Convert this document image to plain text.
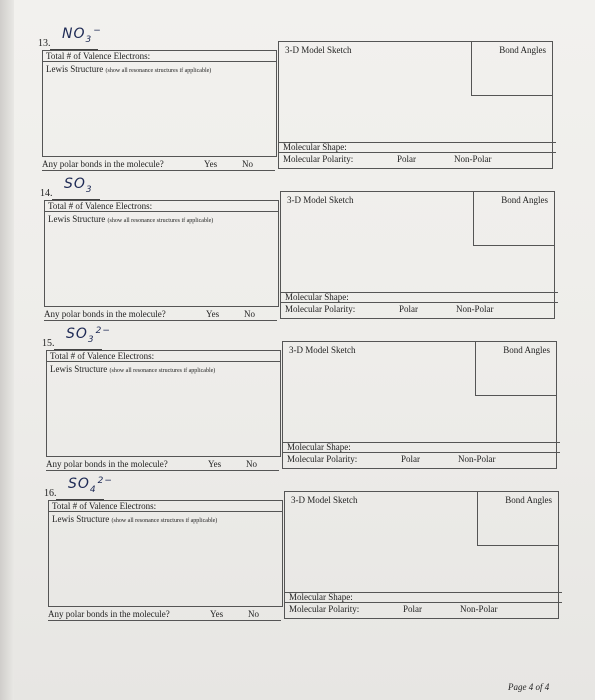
13.
$NO_3^-$
Total # of Valence Electrons:
Lewis Structure (show all resonance structures if applicable)
Any polar bonds in the molecule?	Yes	No
3-D Model Sketch	Bond Angles
Molecular Shape:
Molecular Polarity:	Polar	Non-Polar
14.
$SO_3$
Total # of Valence Electrons:
Lewis Structure (show all resonance structures if applicable)
Any polar bonds in the molecule?	Yes	No
3-D Model Sketch	Bond Angles
Molecular Shape:
Molecular Polarity:	Polar	Non-Polar
15.
$SO_3^{2-}$
Total # of Valence Electrons:
Lewis Structure (show all resonance structures if applicable)
Any polar bonds in the molecule?	Yes	No
3-D Model Sketch	Bond Angles
Molecular Shape:
Molecular Polarity:	Polar	Non-Polar
16.
$SO_4^{2-}$
Total # of Valence Electrons:
Lewis Structure (show all resonance structures if applicable)
Any polar bonds in the molecule?	Yes	No
3-D Model Sketch	Bond Angles
Molecular Shape:
Molecular Polarity:	Polar	Non-Polar
Page 4 of 4
